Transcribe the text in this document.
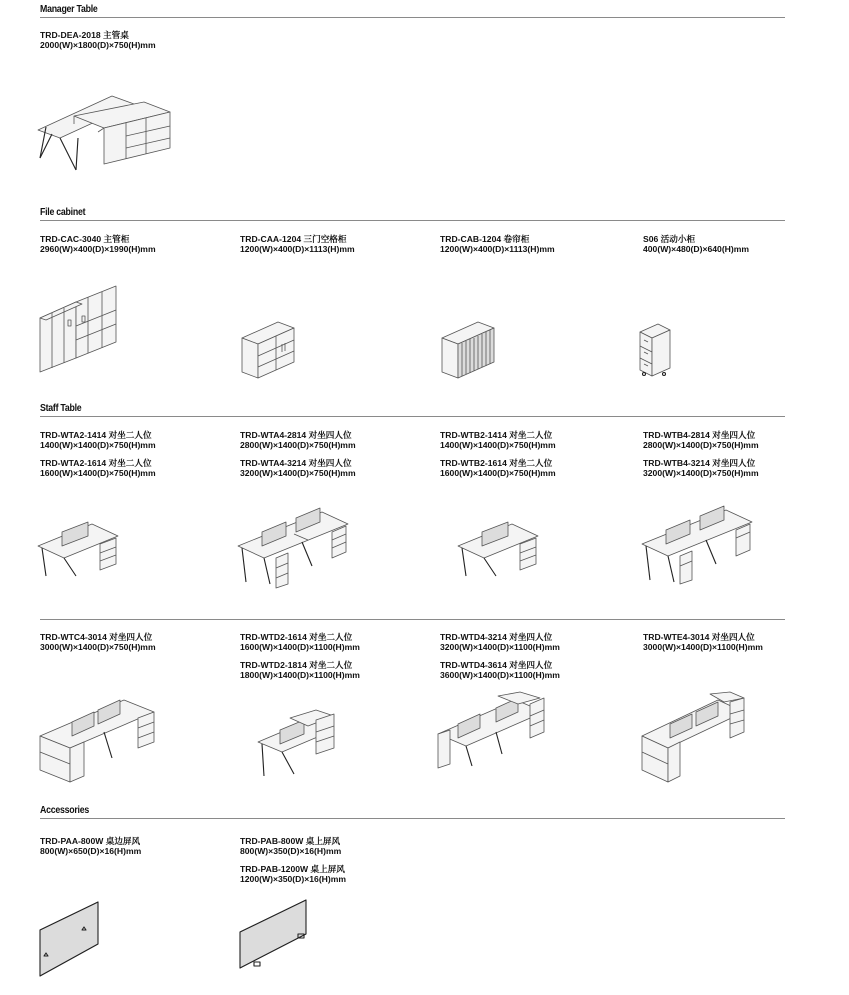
Manager Table
TRD-DEA-2018 主管桌
2000(W)×1800(D)×750(H)mm
File cabinet
TRD-CAC-3040 主管柜
2960(W)×400(D)×1990(H)mm
TRD-CAA-1204 三门空格柜
1200(W)×400(D)×1113(H)mm
TRD-CAB-1204 卷帘柜
1200(W)×400(D)×1113(H)mm
S06 活动小柜
400(W)×480(D)×640(H)mm
Staff Table
TRD-WTA2-1414 对坐二人位
1400(W)×1400(D)×750(H)mm
TRD-WTA2-1614 对坐二人位
1600(W)×1400(D)×750(H)mm
TRD-WTA4-2814 对坐四人位
2800(W)×1400(D)×750(H)mm
TRD-WTA4-3214 对坐四人位
3200(W)×1400(D)×750(H)mm
TRD-WTB2-1414 对坐二人位
1400(W)×1400(D)×750(H)mm
TRD-WTB2-1614 对坐二人位
1600(W)×1400(D)×750(H)mm
TRD-WTB4-2814 对坐四人位
2800(W)×1400(D)×750(H)mm
TRD-WTB4-3214 对坐四人位
3200(W)×1400(D)×750(H)mm
TRD-WTC4-3014 对坐四人位
3000(W)×1400(D)×750(H)mm
TRD-WTD2-1614 对坐二人位
1600(W)×1400(D)×1100(H)mm
TRD-WTD2-1814 对坐二人位
1800(W)×1400(D)×1100(H)mm
TRD-WTD4-3214 对坐四人位
3200(W)×1400(D)×1100(H)mm
TRD-WTD4-3614 对坐四人位
3600(W)×1400(D)×1100(H)mm
TRD-WTE4-3014 对坐四人位
3000(W)×1400(D)×1100(H)mm
Accessories
TRD-PAA-800W 桌边屏风
800(W)×650(D)×16(H)mm
TRD-PAB-800W 桌上屏风
800(W)×350(D)×16(H)mm
TRD-PAB-1200W 桌上屏风
1200(W)×350(D)×16(H)mm
